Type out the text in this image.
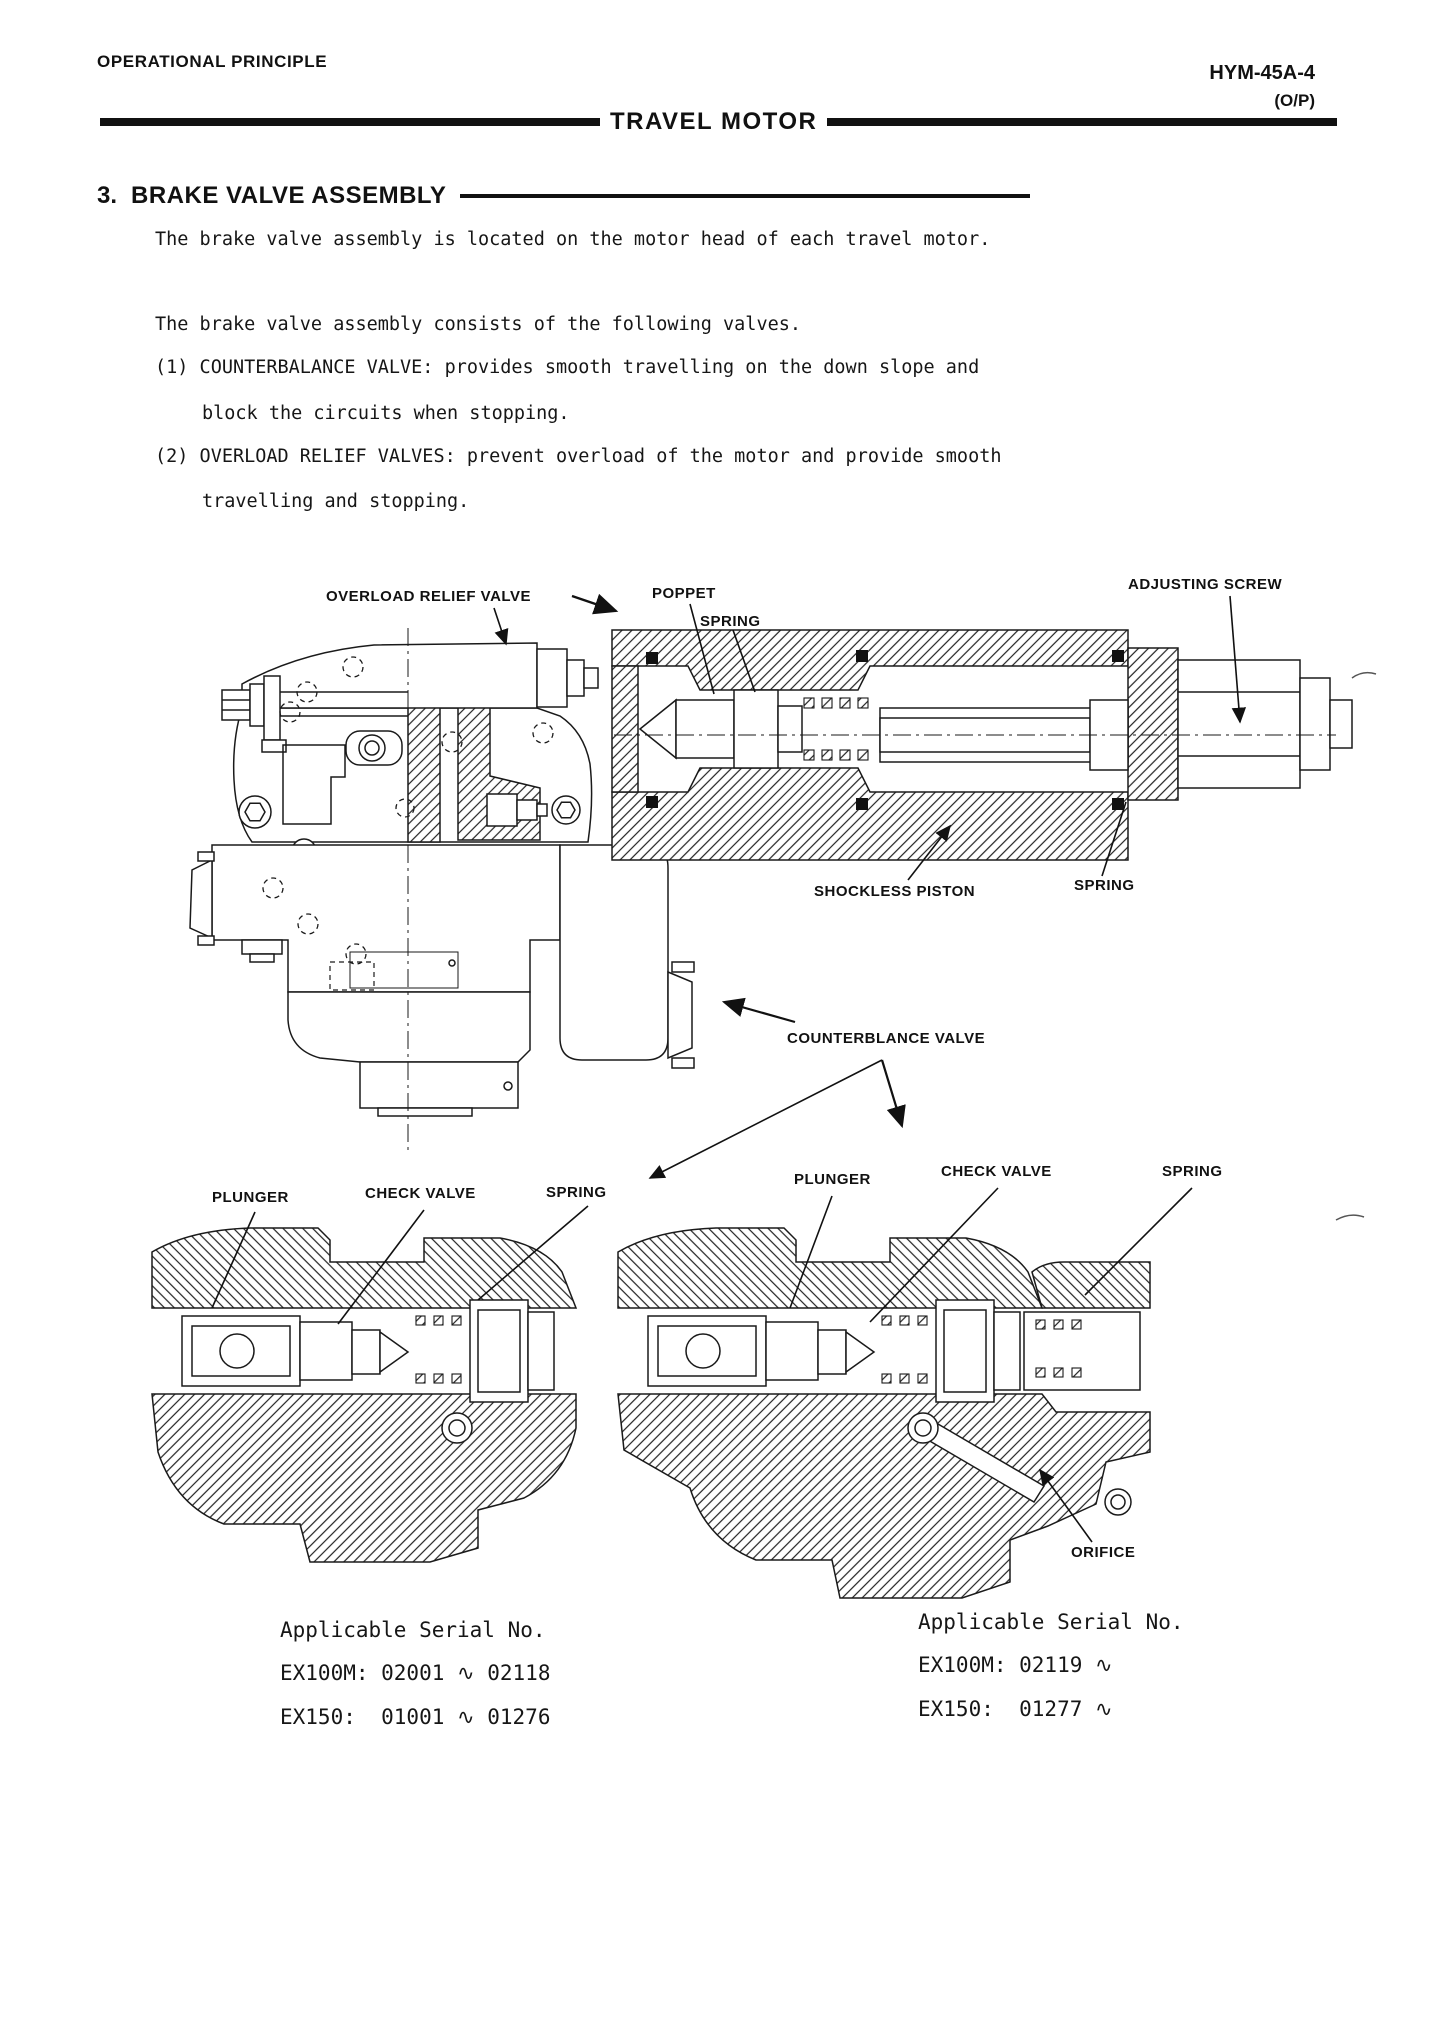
OPERATIONAL PRINCIPLE
HYM-45A-4
(O/P)
TRAVEL MOTOR
3. BRAKE VALVE ASSEMBLY
The brake valve assembly is located on the motor head of each travel motor.
The brake valve assembly consists of the following valves.
(1) COUNTERBALANCE VALVE: provides smooth travelling on the down slope and
block the circuits when stopping.
(2) OVERLOAD RELIEF VALVES: prevent overload of the motor and provide smooth
travelling and stopping.
OVERLOAD RELIEF VALVE	POPPET
SPRING
ADJUSTING SCREW
SHOCKLESS PISTON	SPRING
COUNTERBLANCE VALVE
PLUNGER	CHECK VALVE	SPRING
PLUNGER	CHECK VALVE	SPRING
ORIFICE
Applicable Serial No.
EX100M: 02001 ∿ 02118
EX150:  01001 ∿ 01276
Applicable Serial No.
EX100M: 02119 ∿
EX150:  01277 ∿
